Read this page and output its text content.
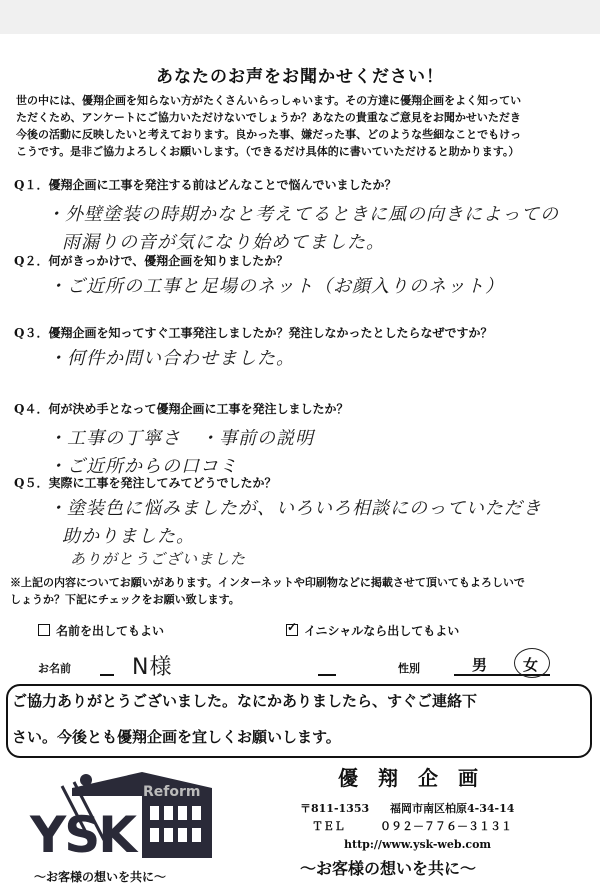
あなたのお声をお聞かせください！
世の中には、優翔企画を知らない方がたくさんいらっしゃいます。その方達に優翔企画をよく知ってい
ただくため、アンケートにご協力いただけないでしょうか？あなたの貴重なご意見をお聞かせいただき
今後の活動に反映したいと考えております。良かった事、嫌だった事、どのような些細なことでもけっ
こうです。是非ご協力よろしくお願いします。（できるだけ具体的に書いていただけると助かります。）
Q１．優翔企画に工事を発注する前はどんなことで悩んでいましたか？
・外壁塗装の時期かなと考えてるときに風の向きによっての
雨漏りの音が気になり始めてました。
Q２．何がきっかけで、優翔企画を知りましたか？
・ご近所の工事と足場のネット（お顔入りのネット）
Q３．優翔企画を知ってすぐ工事発注しましたか？発注しなかったとしたらなぜですか？
・何件か問い合わせました。
Q４．何が決め手となって優翔企画に工事を発注しましたか？
・工事の丁寧さ　・事前の説明
・ご近所からの口コミ
Q５．実際に工事を発注してみてどうでしたか？
・塗装色に悩みましたが、いろいろ相談にのっていただき
助かりました。
ありがとうございました
※上記の内容についてお願いがあります。インターネットや印刷物などに掲載させて頂いてもよろしいで
しょうか？下記にチェックをお願い致します。
名前を出してもよい
✓	イニシャルなら出してもよい
お名前	N様	性別	男 女
ご協力ありがとうございました。なにかありましたら、すぐご連絡下
さい。今後とも優翔企画を宜しくお願いします。
Reform
YSK
～お客様の想いを共に～
優　翔　企　画
〒811-1353 福岡市南区柏原4-34-14
ＴＥＬ	０９２－７７６－３１３１
http://www.ysk-web.com
～お客様の想いを共に～
